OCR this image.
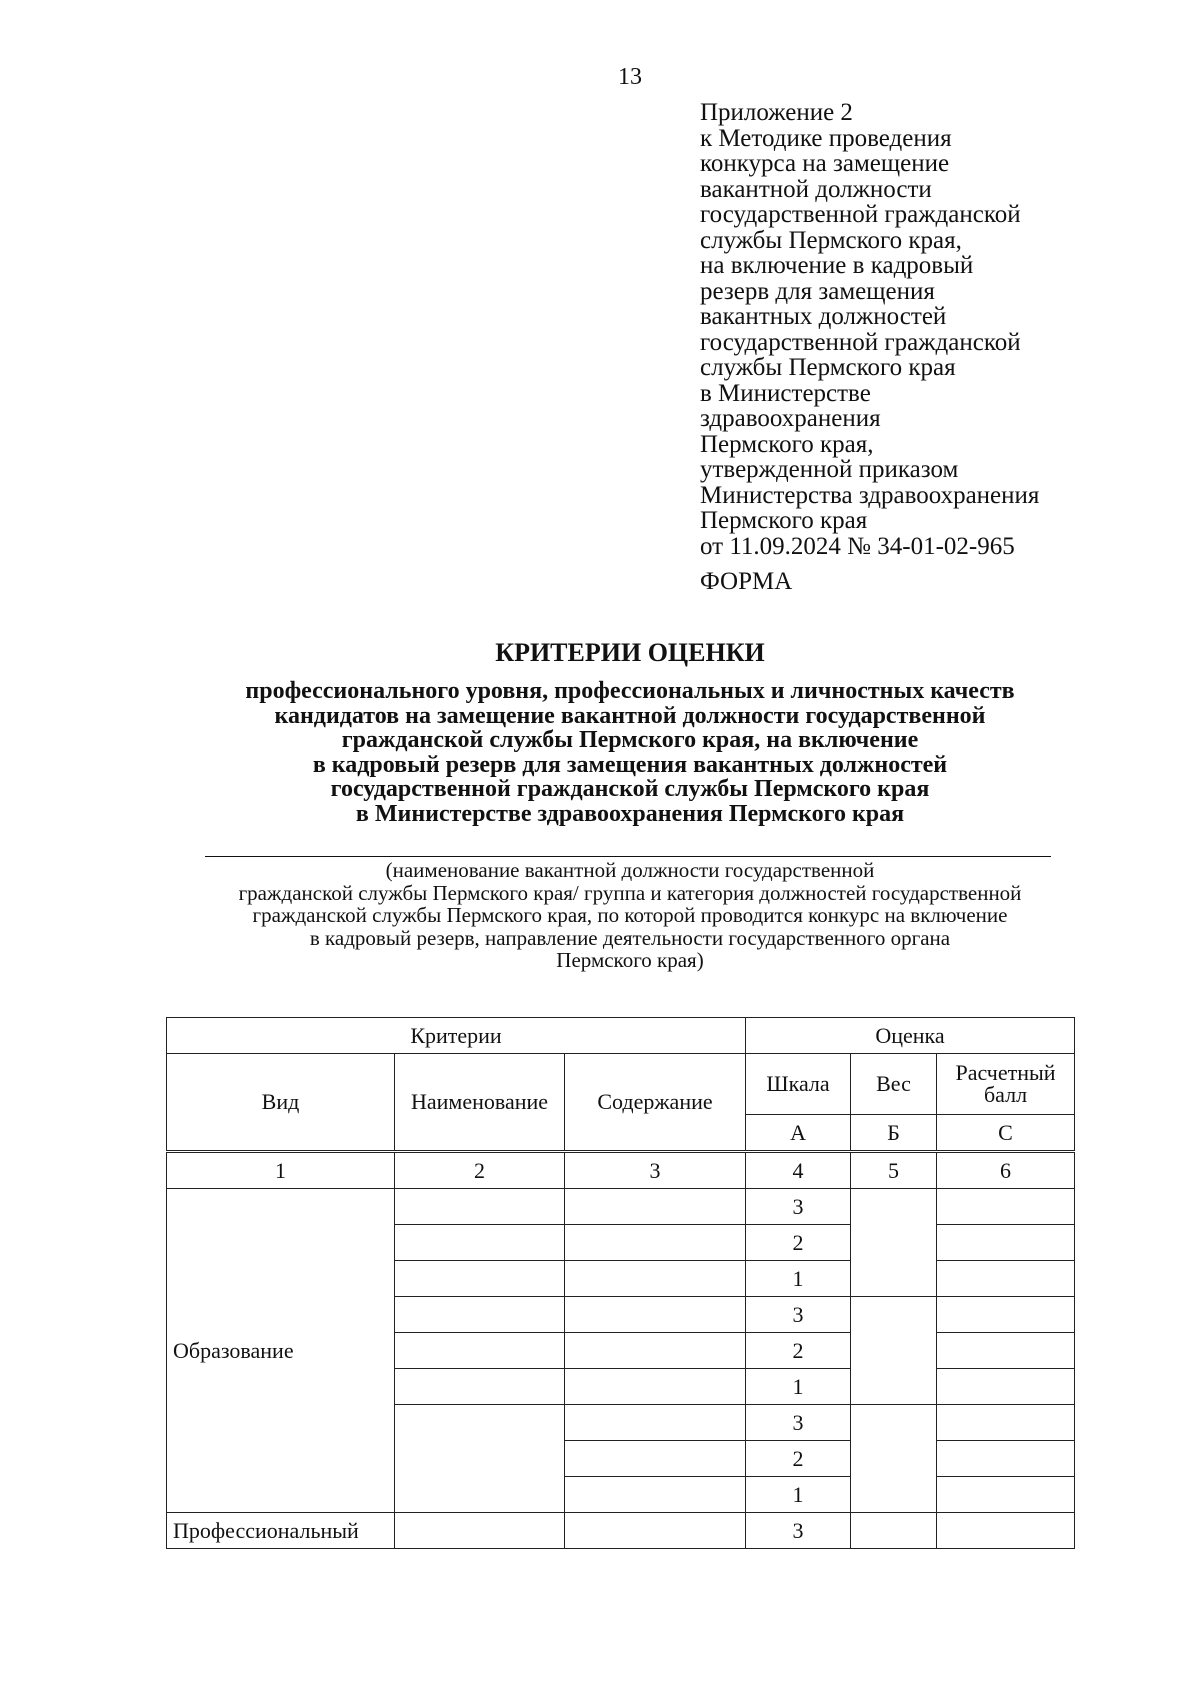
13
Приложение 2
к Методике проведения
конкурса на замещение
вакантной должности
государственной гражданской
службы Пермского края,
на включение в кадровый
резерв для замещения
вакантных должностей
государственной гражданской
службы Пермского края
в Министерстве
здравоохранения
Пермского края,
утвержденной приказом
Министерства здравоохранения
Пермского края
от 11.09.2024 № 34-01-02-965
ФОРМА
КРИТЕРИИ ОЦЕНКИ
профессионального уровня, профессиональных и личностных качеств
кандидатов на замещение вакантной должности государственной
гражданской службы Пермского края, на включение
в кадровый резерв для замещения вакантных должностей
государственной гражданской службы Пермского края
в Министерстве здравоохранения Пермского края
(наименование вакантной должности государственной
гражданской службы Пермского края/ группа и категория должностей государственной
гражданской службы Пермского края, по которой проводится конкурс на включение
в кадровый резерв, направление деятельности государственного органа
Пермского края)
Критерии			Оценка		
Вид	Наименование	Содержание	Шкала	Вес	Расчетный балл
			А	Б	С
1	2	3	4	5	6
Образование			3		
			2		
			1		
			3		
			2		
			1		
			3		
			2		
			1		
Профессиональный			3		
